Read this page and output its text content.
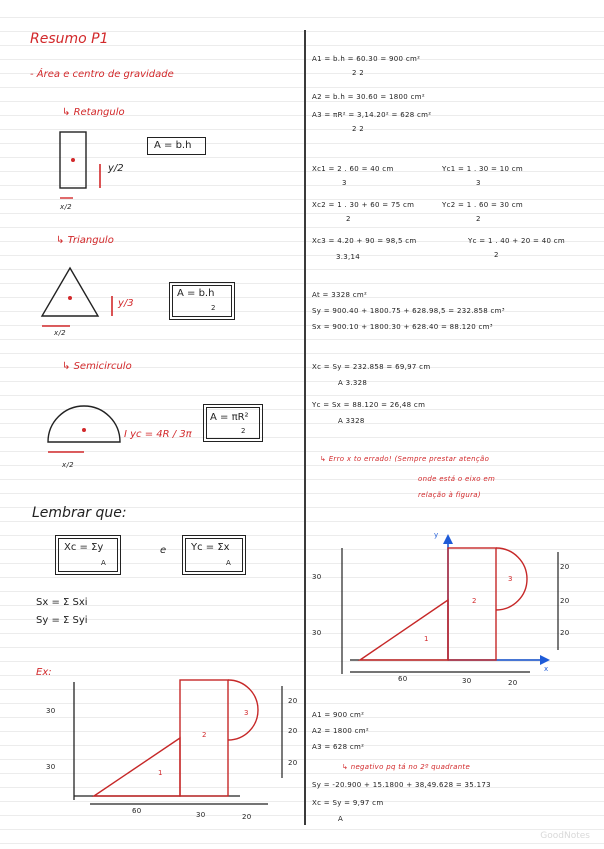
Resumo P1
- Área e centro de gravidade
↳ Retangulo
y/2
x/2
A = b.h
↳ Triangulo
y/3
x/2
A = b.h
2
↳ Semicirculo
I yc = 4R / 3π
x/2
A = πR²
2
Lembrar que:
Xc = Σy
A
e Yc = Σx
A
Sx = Σ Sxi
Sy = Σ Syi
Ex:
30
30
20
20
20
60	30	20
1
2
3
A1 = b.h = 60.30 = 900 cm²
2 2
A2 = b.h = 30.60 = 1800 cm²
A3 = πR² = 3,14.20² = 628 cm²
2 2
Xc1 = 2 . 60 = 40 cm
3
Yc1 = 1 . 30 = 10 cm
3
Xc2 = 1 . 30 + 60 = 75 cm
2
Yc2 = 1 . 60 = 30 cm
2
Xc3 = 4.20 + 90 = 98,5 cm
3.3,14
Yc = 1 . 40 + 20 = 40 cm
2
At = 3328 cm²
Sy = 900.40 + 1800.75 + 628.98,5 = 232.858 cm³
Sx = 900.10 + 1800.30 + 628.40 = 88.120 cm³
Xc = Sy = 232.858 = 69,97 cm
A 3.328
Yc = Sx = 88.120 = 26,48 cm
A 3328
↳ Erro x to errado! (Sempre prestar atenção
onde está o eixo em
relação à figura)
30
30
20
20
20
60	30	20
y
x
1
2
3
A1 = 900 cm²
A2 = 1800 cm²
A3 = 628 cm²
↳ negativo pq tá no 2º quadrante
Sy = -20.900 + 15.1800 + 38,49.628 = 35.173
Xc = Sy = 9,97 cm
A
GoodNotes
